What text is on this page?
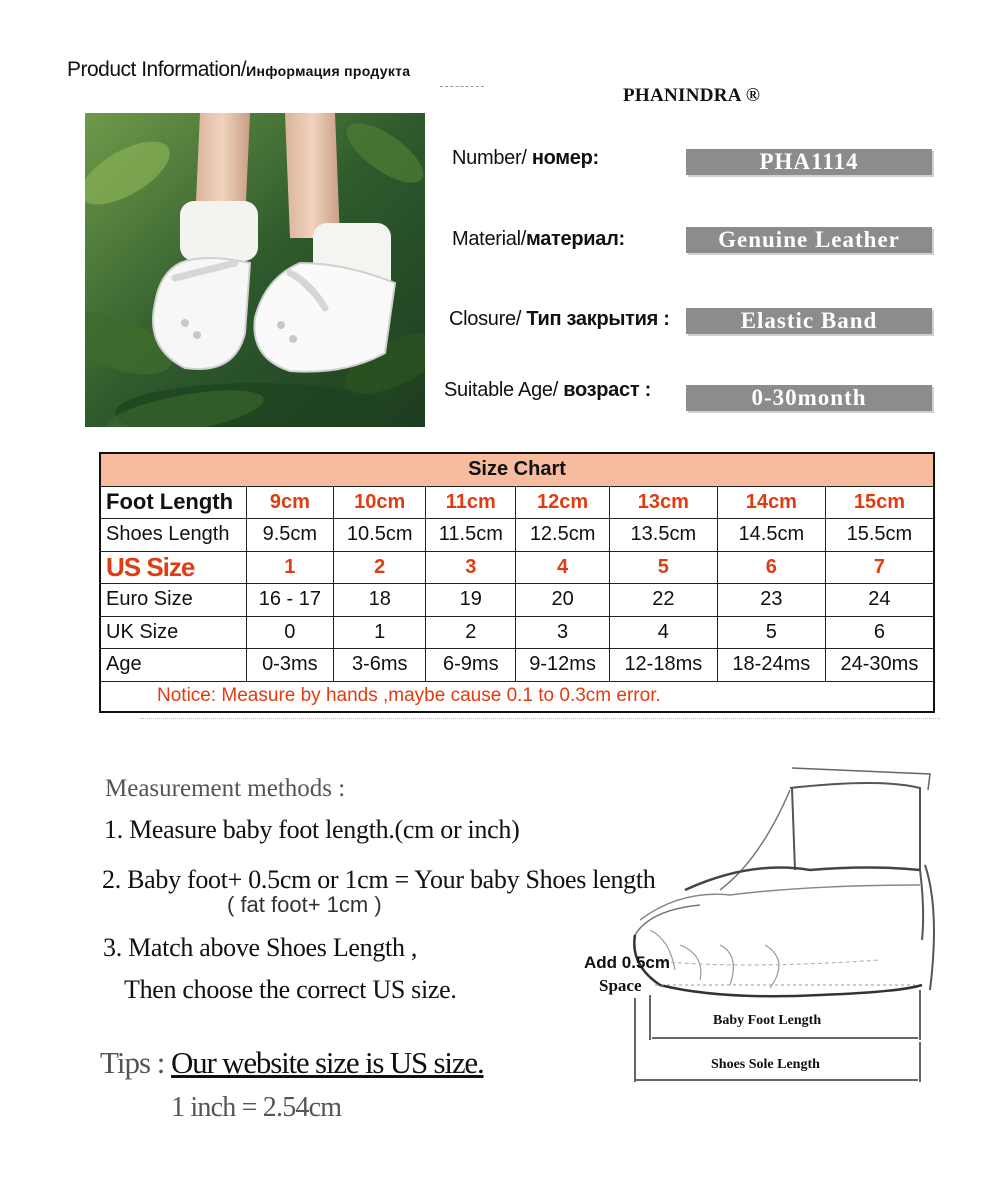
Product Information/Информация продукта
PHANINDRA ®
Number/ номер:	PHA1114
Material/материал:	Genuine Leather
Closure/ Тип закрытия :	Elastic Band
Suitable Age/ возраст :	0-30month
Size Chart							
Foot Length	9cm	10cm	11cm	12cm	13cm	14cm	15cm
Shoes Length	9.5cm	10.5cm	11.5cm	12.5cm	13.5cm	14.5cm	15.5cm
US Size	1	2	3	4	5	6	7
Euro Size	16 - 17	18	19	20	22	23	24
UK Size	0	1	2	3	4	5	6
Age	0-3ms	3-6ms	6-9ms	9-12ms	12-18ms	18-24ms	24-30ms
Notice: Measure by hands ,maybe cause 0.1 to 0.3cm error.							
Measurement methods :
1. Measure baby foot length.(cm or inch)
2. Baby foot+ 0.5cm or 1cm = Your baby Shoes length
( fat foot+ 1cm )
3. Match above Shoes Length ,
Then choose the correct US size.
Tips : Our website size is US size.
1 inch = 2.54cm
Add 0.5cm
Space
Baby Foot Length
Shoes Sole Length
